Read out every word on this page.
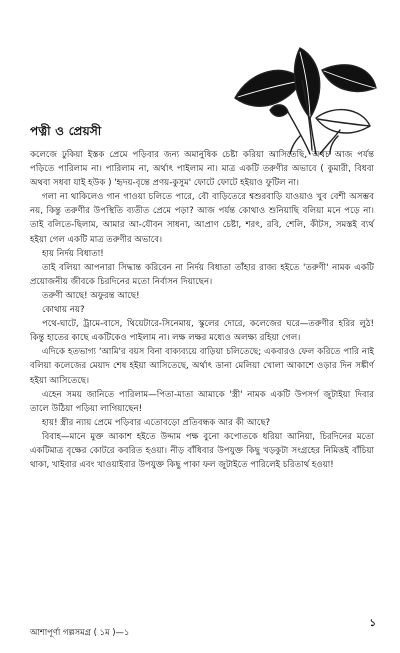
পত্নী ও প্রেয়সী

কলেজে ঢুকিয়া ইস্তক প্রেমে পড়িবার জন্য অমানুষিক চেষ্টা করিয়া আসিতেছি, অথচ আজ পর্যন্ত পড়িতে পারিলাম না। পারিলাম না, অর্থাৎ পাইলাম না। মাত্র একটি তরুণীর অভাবে ( কুমারী, বিধবা অথবা সধবা যাই হউক ) 'হৃদয়-বৃন্তে প্রণয়-কুসুম' ফোটে ফোটে হইয়াও ফুটিল না।

গলা না থাকিলেও গান গাওয়া চলিতে পারে, বৌ বাড়িতেরে শ্বশুরবাড়ি যাওয়াও খুব বেশী অসম্ভব নয়, কিন্তু তরুণীর উপস্থিতি ব্যতীত প্রেমে পড়া? আজ পর্যন্ত কোথাও শুনিয়াছি বলিয়া মনে পড়ে না। তাই বলিতে-ছিলাম, আমার আ-যৌবন সাধনা, আপ্রাণ চেষ্টা, শরৎ, রবি, শেলি, কীটস, সমস্তই ব্যর্থ হইয়া গেল একটি মাত্র তরুণীর অভাবে।

হায় নির্দয় বিধাতা!

তাই বলিয়া আপনারা সিদ্ধান্ত করিবেন না নির্দয় বিধাতা তাঁহার রাজ্য হইতে 'তরুণী' নামক একটি প্রয়োজনীয় জীবকে চিরদিনের মতো নির্বাসন দিয়াছেন।

তরুণী আছে! অফুরন্ত আছে!

কোথায় নয়?

পথে-ঘাটে, ট্রামে-বাসে, থিয়েটারে-সিনেমায়, স্কুলের দোরে, কলেজের ঘরে—তরুণীর হরির লুঠ! কিন্তু হাতের কাছে একটিকেও পাইলাম না। লক্ষ লক্ষর মধ্যেও অলক্ষ্য রহিয়া গেল।

এদিকে হতভাগ্য 'আমি'র বয়স বিনা বাক্যব্যয়ে বাড়িয়া চলিতেছে; একবারও ফেল করিতে পারি নাই বলিয়া কলেজের মেয়াদ শেষ হইয়া আসিতেছে, অর্থাৎ ডানা মেলিয়া খোলা আকাশে ওড়ার দিন সঙ্কীর্ণ হইয়া আসিতেছে।

এহেন সময় জানিতে পারিলাম—পিতা-মাতা আমাকে 'স্ত্রী' নামক একটি উপসর্গ জুটাইয়া দিবার তালে উঠিয়া পড়িয়া লাগিয়াছেন!

হায়! স্ত্রীর ন্যায় প্রেমে পড়িবার এতোবড়ো প্রতিবন্ধক আর কী আছে?

বিবাহ—মানে মুক্ত আকাশ হইতে উদ্দাম পক্ষ বুনো কপোতকে ধরিয়া আনিয়া, চিরদিনের মতো একটিমাত্র বৃক্ষের কোটরে কবরিত হওয়া। নীড় বাঁধিবার উপযুক্ত কিছু খড়কুটা সংগ্রহের নিমিত্তই বাঁচিয়া থাকা, খাইবার এবং খাওয়াইবার উপযুক্ত কিছু পাকা ফল জুটাইতে পারিলেই চরিতার্থ হওয়া!

১
আশাপূর্ণা গল্পসমগ্র ( ১ম )—১
